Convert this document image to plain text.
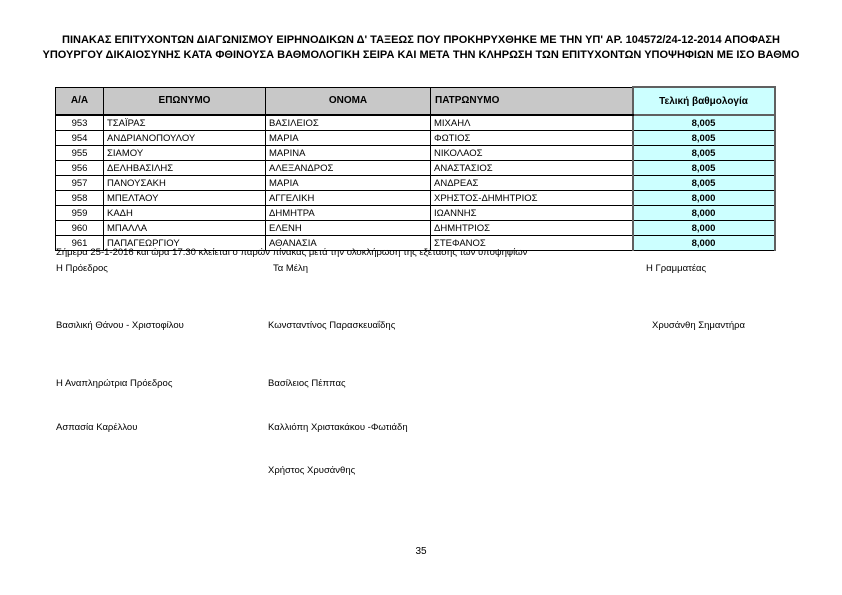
ΠΙΝΑΚΑΣ ΕΠΙΤΥΧΟΝΤΩΝ ΔΙΑΓΩΝΙΣΜΟΥ ΕΙΡΗΝΟΔΙΚΩΝ Δ' ΤΑΞΕΩΣ ΠΟΥ ΠΡΟΚΗΡΥΧΘΗΚΕ ΜΕ ΤΗΝ ΥΠ' ΑΡ. 104572/24-12-2014 ΑΠΟΦΑΣΗ
ΥΠΟΥΡΓΟΥ ΔΙΚΑΙΟΣΥΝΗΣ ΚΑΤΑ ΦΘΙΝΟΥΣΑ ΒΑΘΜΟΛΟΓΙΚΗ ΣΕΙΡΑ ΚΑΙ ΜΕΤΑ ΤΗΝ ΚΛΗΡΩΣΗ ΤΩΝ ΕΠΙΤΥΧΟΝΤΩΝ ΥΠΟΨΗΦΙΩΝ ΜΕ ΙΣΟ ΒΑΘΜΟ
Α/Α	ΕΠΩΝΥΜΟ	ΟΝΟΜΑ	ΠΑΤΡΩΝΥΜΟ	Τελική βαθμολογία
953	ΤΣΑΪΡΑΣ	ΒΑΣΙΛΕΙΟΣ	ΜΙΧΑΗΛ	8,005
954	ΑΝΔΡΙΑΝΟΠΟΥΛΟΥ	ΜΑΡΙΑ	ΦΩΤΙΟΣ	8,005
955	ΣΙΑΜΟΥ	ΜΑΡΙΝΑ	ΝΙΚΟΛΑΟΣ	8,005
956	ΔΕΛΗΒΑΣΙΛΗΣ	ΑΛΕΞΑΝΔΡΟΣ	ΑΝΑΣΤΑΣΙΟΣ	8,005
957	ΠΑΝΟΥΣΑΚΗ	ΜΑΡΙΑ	ΑΝΔΡΕΑΣ	8,005
958	ΜΠΕΛΤΑΟΥ	ΑΓΓΕΛΙΚΗ	ΧΡΗΣΤΟΣ-ΔΗΜΗΤΡΙΟΣ	8,000
959	ΚΑΔΗ	ΔΗΜΗΤΡΑ	ΙΩΑΝΝΗΣ	8,000
960	ΜΠΑΛΛΑ	ΕΛΕΝΗ	ΔΗΜΗΤΡΙΟΣ	8,000
961	ΠΑΠΑΓΕΩΡΓΙΟΥ	ΑΘΑΝΑΣΙΑ	ΣΤΕΦΑΝΟΣ	8,000
Σήμερα 25-1-2016 και ώρα 17.30 κλείεται ο παρών πίνακας μετά την ολοκλήρωση της εξέτασης των υποψηφίων
Η Πρόεδρος	Τα Μέλη	Η Γραμματέας
Βασιλική Θάνου - Χριστοφίλου	Κωνσταντίνος Παρασκευαΐδης	Χρυσάνθη Σημαντήρα
Η Αναπληρώτρια Πρόεδρος	Βασίλειος Πέππας
Ασπασία Καρέλλου	Καλλιόπη Χριστακάκου -Φωτιάδη
Χρήστος Χρυσάνθης
35
